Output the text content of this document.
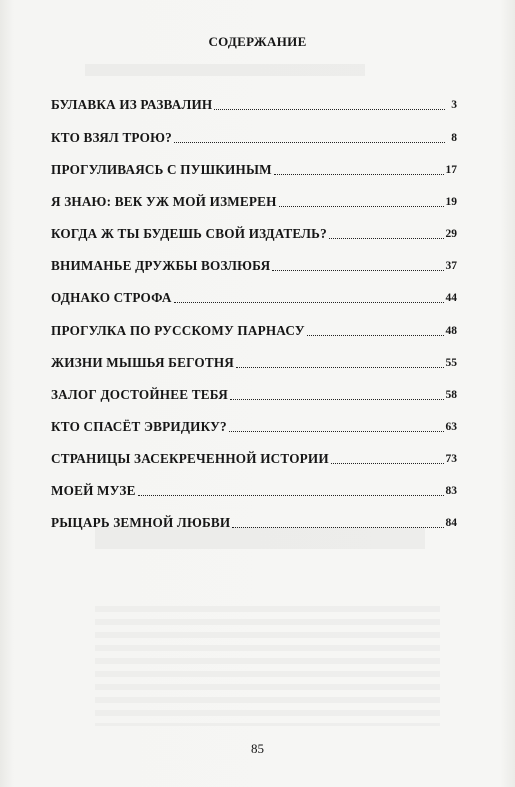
СОДЕРЖАНИЕ
БУЛАВКА ИЗ РАЗВАЛИН	3
КТО ВЗЯЛ ТРОЮ?	8
ПРОГУЛИВАЯСЬ С ПУШКИНЫМ	17
Я ЗНАЮ: ВЕК УЖ МОЙ ИЗМЕРЕН	19
КОГДА Ж ТЫ БУДЕШЬ СВОЙ ИЗДАТЕЛЬ?	29
ВНИМАНЬЕ ДРУЖБЫ ВОЗЛЮБЯ	37
ОДНАКО СТРОФА	44
ПРОГУЛКА ПО РУССКОМУ ПАРНАСУ	48
ЖИЗНИ МЫШЬЯ БЕГОТНЯ	55
ЗАЛОГ ДОСТОЙНЕЕ ТЕБЯ	58
КТО СПАСЁТ ЭВРИДИКУ?	63
СТРАНИЦЫ ЗАСЕКРЕЧЕННОЙ ИСТОРИИ	73
МОЕЙ МУЗЕ	83
РЫЦАРЬ ЗЕМНОЙ ЛЮБВИ	84
85
